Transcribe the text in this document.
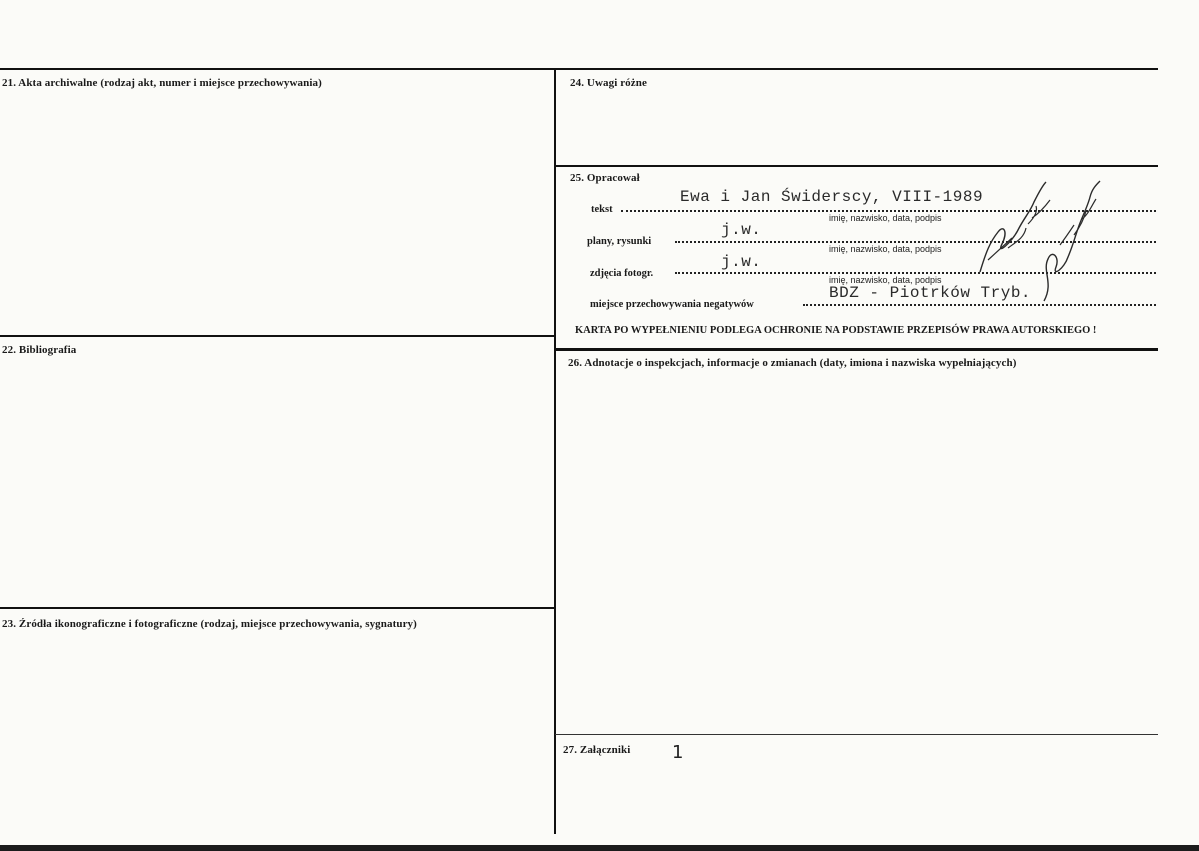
21. Akta archiwalne (rodzaj akt, numer i miejsce przechowywania)
22. Bibliografia
23. Źródła ikonograficzne i fotograficzne (rodzaj, miejsce przechowywania, sygnatury)
24. Uwagi różne
25. Opracował
26. Adnotacje o inspekcjach, informacje o zmianach (daty, imiona i nazwiska wypełniających)
27. Załączniki 1
tekst
Ewa i Jan Świderscy, VIII-1989
imię, nazwisko, data, podpis
plany, rysunki
j.w.
imię, nazwisko, data, podpis
zdjęcia fotogr.
j.w.
imię, nazwisko, data, podpis
miejsce przechowywania negatywów
BDZ - Piotrków Tryb.
KARTA PO WYPEŁNIENIU PODLEGA OCHRONIE NA PODSTAWIE PRZEPISÓW PRAWA AUTORSKIEGO !
